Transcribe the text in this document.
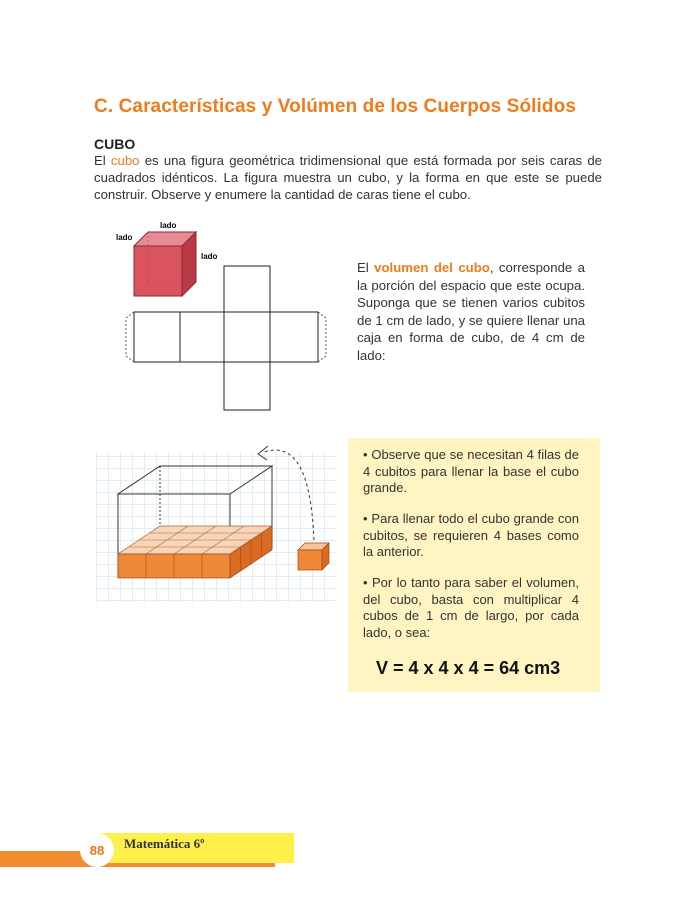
C. Características y Volúmen de los Cuerpos Sólidos
CUBO
El cubo es una figura geométrica tridimensional que está formada por seis caras de cuadrados idénticos. La figura muestra un cubo, y la forma en que este se puede construir. Observe y enumere la cantidad de caras tiene el cubo.
lado
lado
lado
El volumen del cubo, corresponde a la porción del espacio que este ocupa. Suponga que se tienen varios cubitos de 1 cm de lado, y se quiere llenar una caja en forma de cubo, de 4 cm de lado:
• Observe que se necesitan 4 filas de 4 cubitos para llenar la base el cubo grande.
• Para llenar todo el cubo grande con cubitos, se requieren 4 bases como la anterior.
• Por lo tanto para saber el volumen, del cubo, basta con multiplicar 4 cubos de 1 cm de largo, por cada lado, o sea:
V = 4 x 4 x 4 = 64 cm3
88 Matemática 6º
